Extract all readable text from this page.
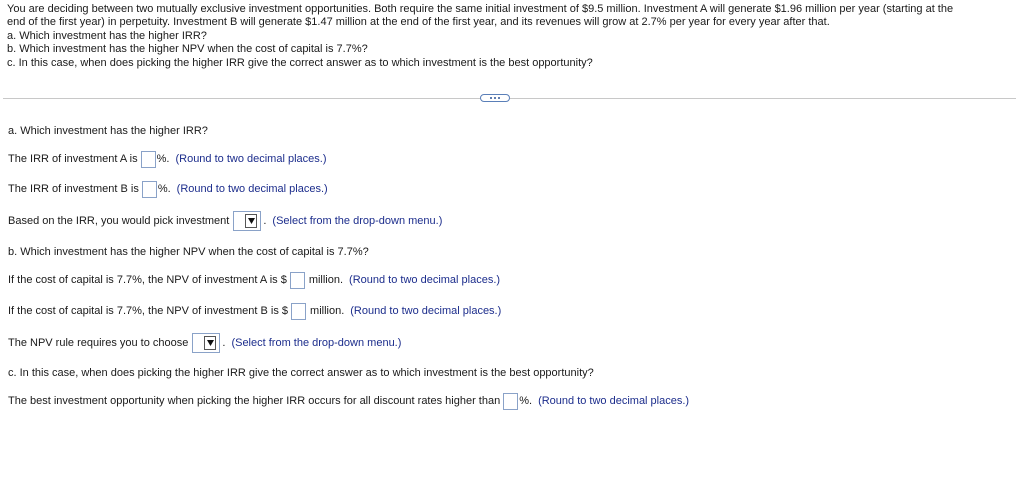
You are deciding between two mutually exclusive investment opportunities. Both require the same initial investment of $9.5 million. Investment A will generate $1.96 million per year (starting at the

end of the first year) in perpetuity. Investment B will generate $1.47 million at the end of the first year, and its revenues will grow at 2.7% per year for every year after that.

a. Which investment has the higher IRR?

b. Which investment has the higher NPV when the cost of capital is 7.7%?

c. In this case, when does picking the higher IRR give the correct answer as to which investment is the best opportunity?

a. Which investment has the higher IRR?
The IRR of investment A is %. (Round to two decimal places.)
The IRR of investment B is %. (Round to two decimal places.)
Based on the IRR, you would pick investment	. (Select from the drop-down menu.)
b. Which investment has the higher NPV when the cost of capital is 7.7%?
If the cost of capital is 7.7%, the NPV of investment A is $ million. (Round to two decimal places.)
If the cost of capital is 7.7%, the NPV of investment B is $ million. (Round to two decimal places.)
The NPV rule requires you to choose	. (Select from the drop-down menu.)
c. In this case, when does picking the higher IRR give the correct answer as to which investment is the best opportunity?
The best investment opportunity when picking the higher IRR occurs for all discount rates higher than %. (Round to two decimal places.)
